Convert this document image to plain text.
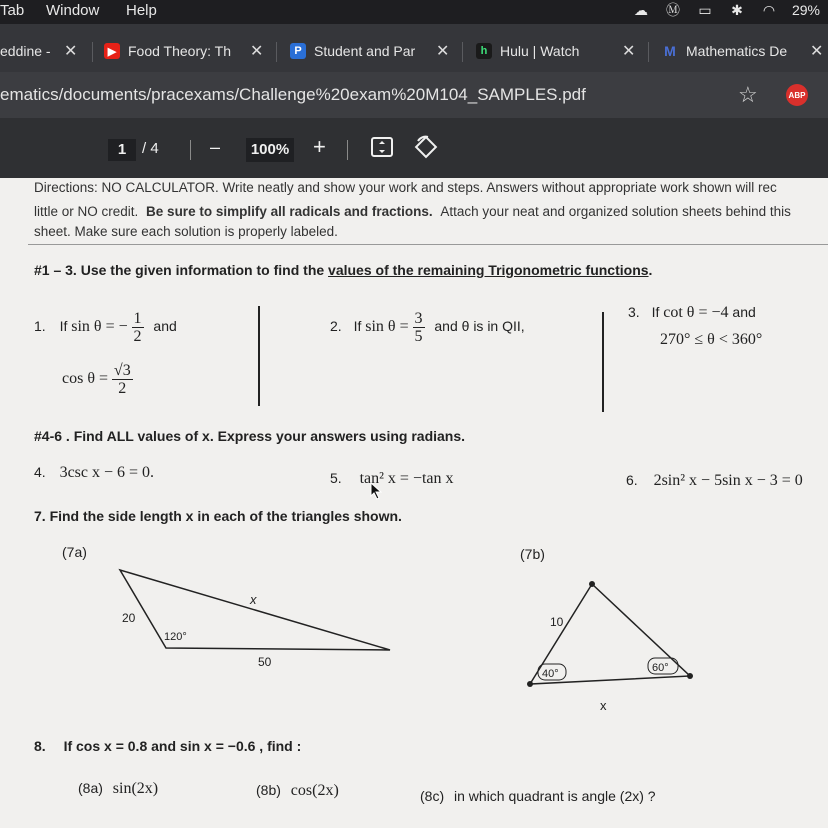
Tab Window Help	☁ Ⓜ ▭ ✱ ◠ 29%
eddine - ✕	▶ Food Theory: Th	✕	P Student and Par	✕	h Hulu | Watch	✕ M Mathematics De	✕
ematics/documents/pracexams/Challenge%20exam%20M104_SAMPLES.pdf	☆	ABP
1	/ 4	–	100% +
Directions: NO CALCULATOR. Write neatly and show your work and steps. Answers without appropriate work shown will rec
little or NO credit. Be sure to simplify all radicals and fractions. Attach your neat and organized solution sheets behind this
sheet. Make sure each solution is properly labeled.
#1 – 3. Use the given information to find the values of the remaining Trigonometric functions.
1. If sin θ = − $\frac{1}{2}$ and
$\cos \theta = \frac{√3}{2}$
2. If $\sin \theta = \frac{3}{5}$ and θ is in QII,
3. If cot θ = −4 and
270° ≤ θ < 360°
#4-6 . Find ALL values of x. Express your answers using radians.
4. 3csc x − 6 = 0.	5. tan² x = −tan x	6. 2sin² x − 5sin x − 3 = 0
7. Find the side length x in each of the triangles shown.
(7a)	(7b)
20
x
120°
50
10
40°	60°
x
8. If cos x = 0.8 and sin x = −0.6 , find :
(8a) sin(2x)	(8b) cos(2x)	(8c) in which quadrant is angle (2x) ?
